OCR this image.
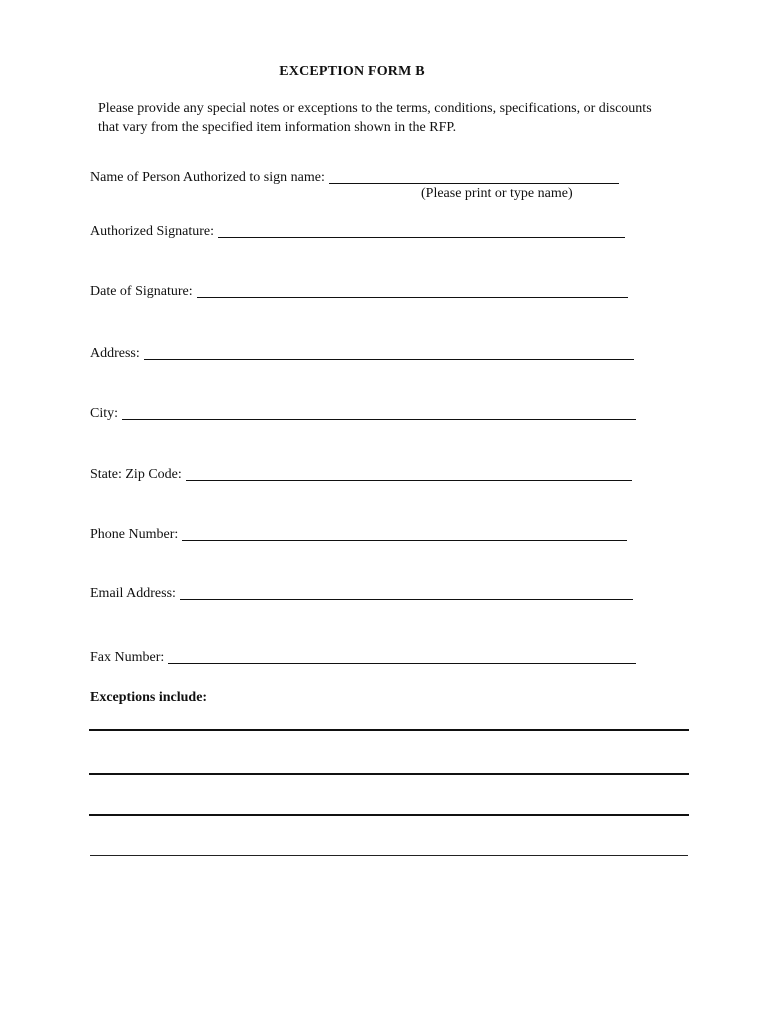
EXCEPTION FORM B
Please provide any special notes or exceptions to the terms, conditions, specifications, or discounts that vary from the specified item information shown in the RFP.
Name of Person Authorized to sign name:
(Please print or type name)
Authorized Signature:
Date of Signature:
Address:
City:
State: Zip Code:
Phone Number:
Email Address:
Fax Number:
Exceptions include:
